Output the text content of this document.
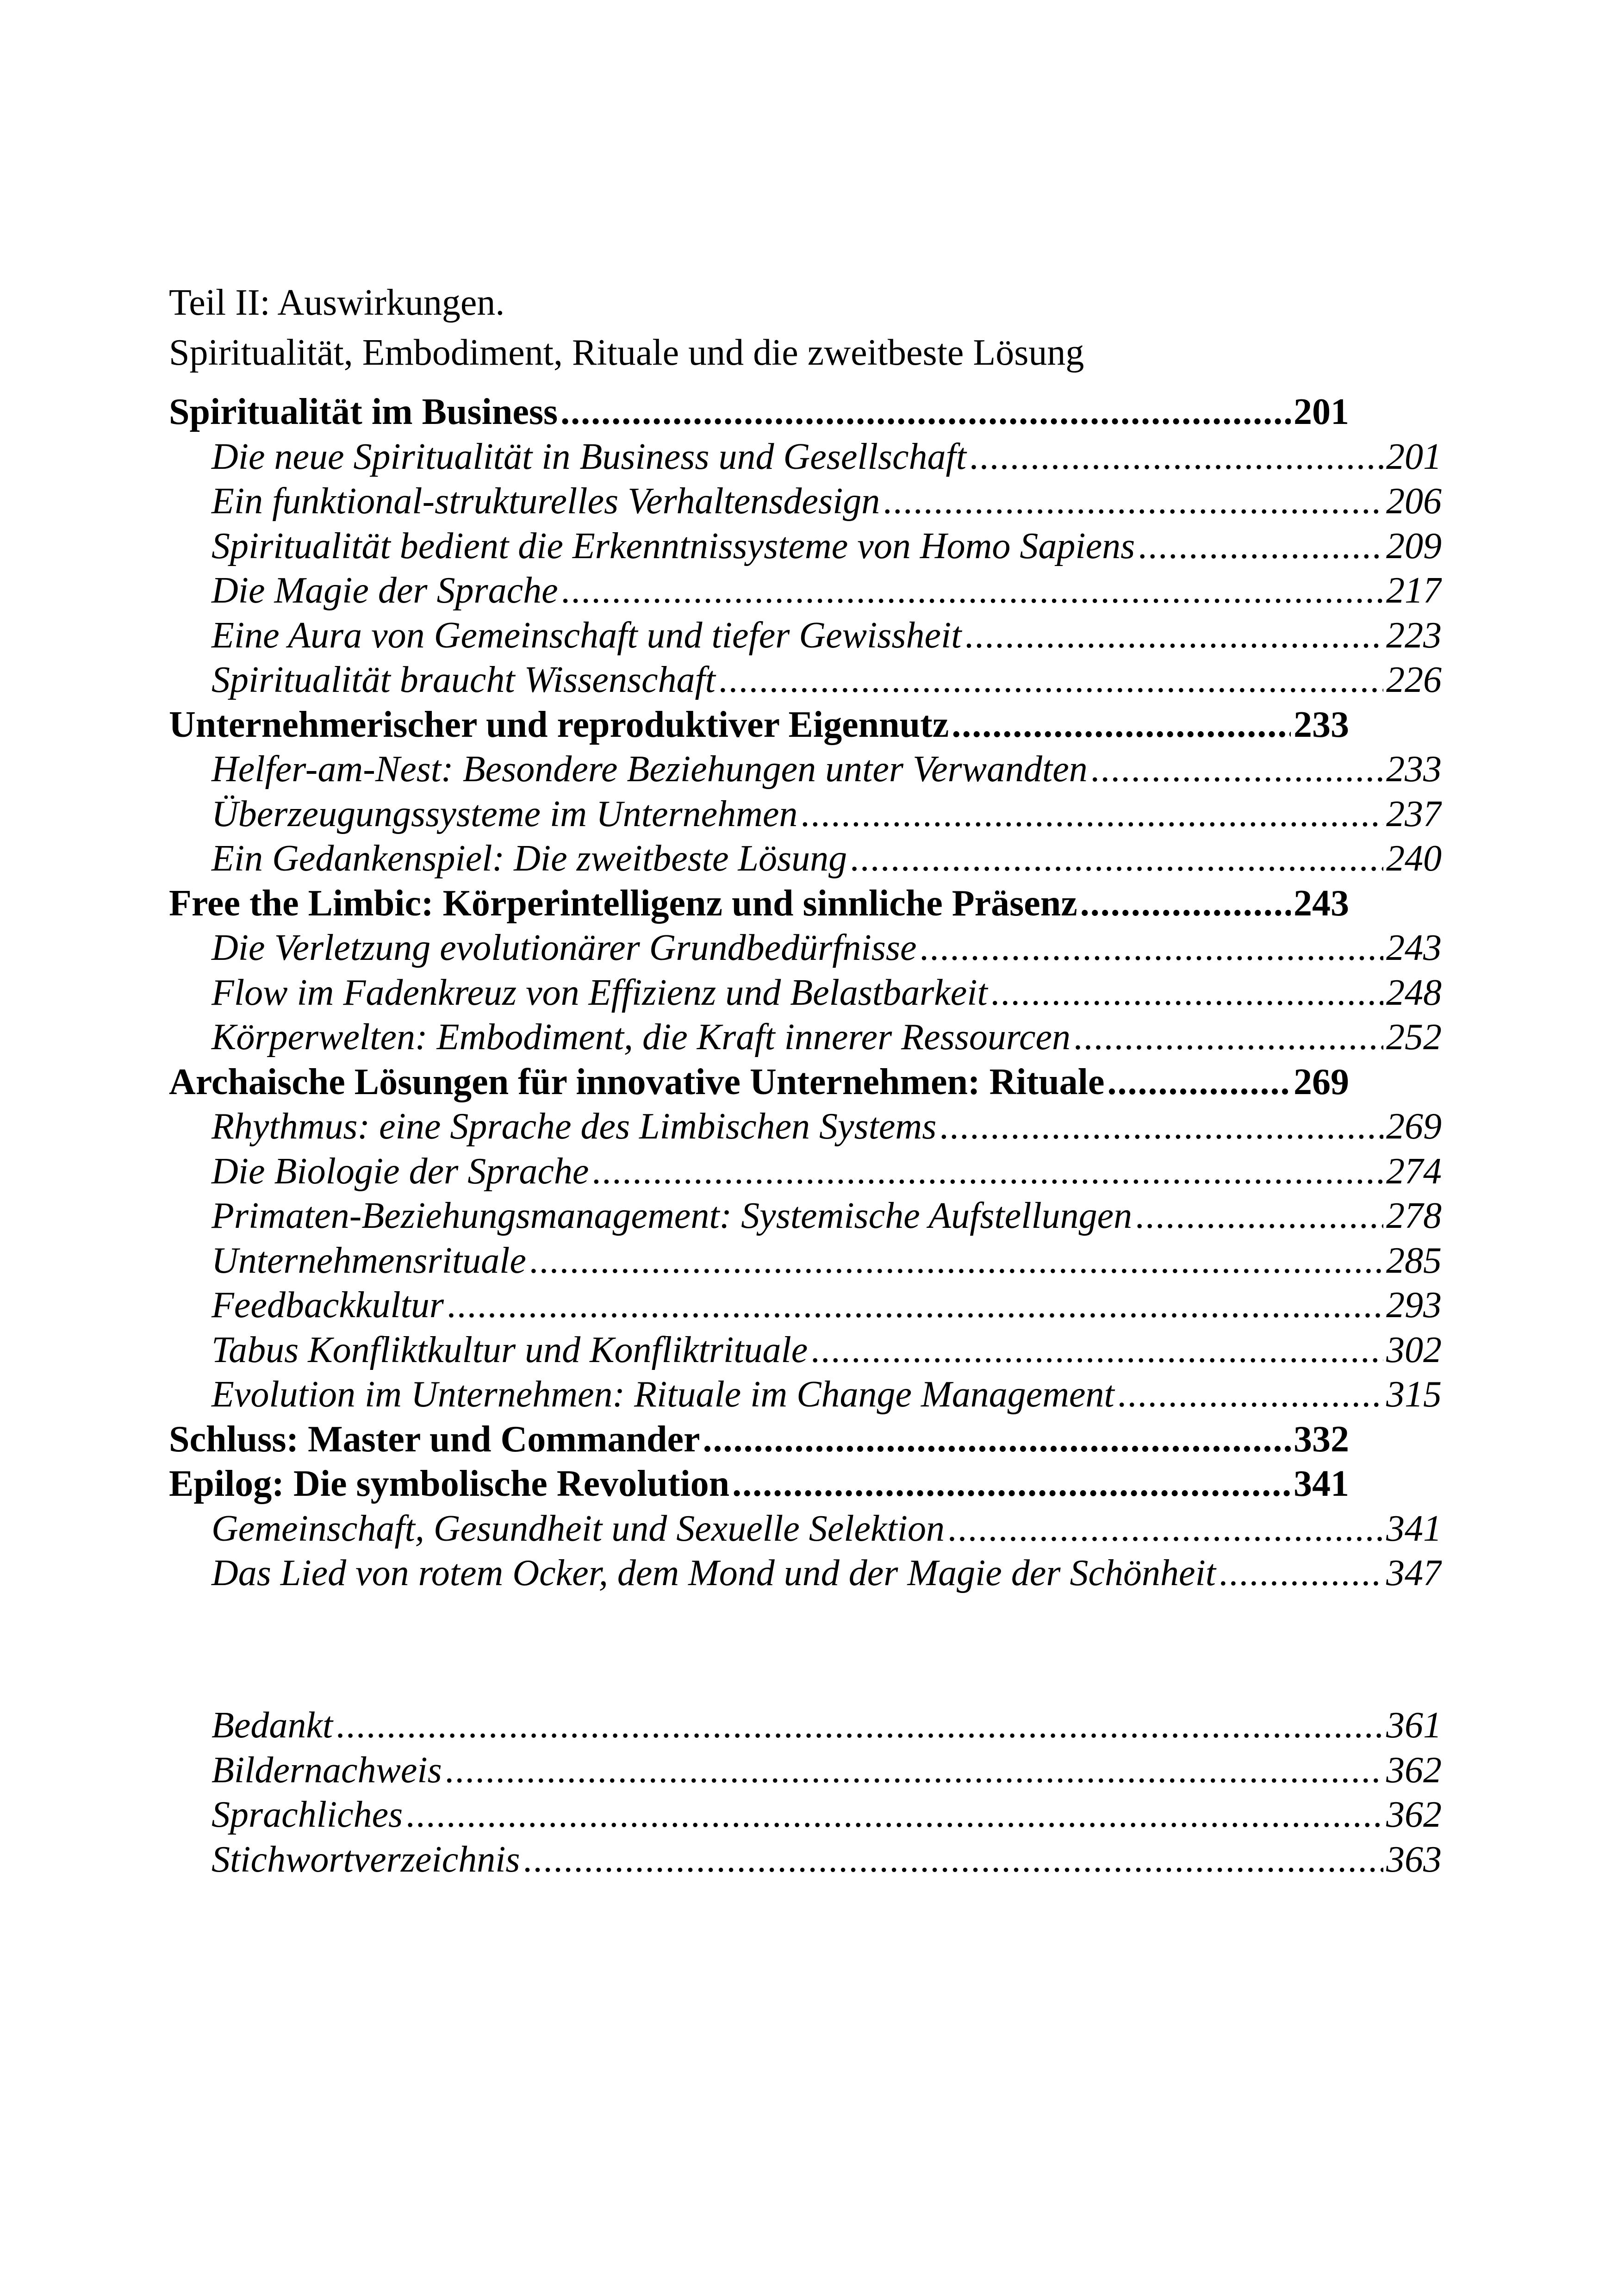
Teil II: Auswirkungen.
Spiritualität, Embodiment, Rituale und die zweitbeste Lösung
Spiritualität im Business .....	201
Die neue Spiritualität in Business und Gesellschaft .....	201
Ein funktional-strukturelles Verhaltensdesign .....	206
Spiritualität bedient die Erkenntnissysteme von Homo Sapiens .....	209
Die Magie der Sprache .....	217
Eine Aura von Gemeinschaft und tiefer Gewissheit .....	223
Spiritualität braucht Wissenschaft .....	226
Unternehmerischer und reproduktiver Eigennutz .....	233
Helfer-am-Nest: Besondere Beziehungen unter Verwandten .....	233
Überzeugungssysteme im Unternehmen .....	237
Ein Gedankenspiel: Die zweitbeste Lösung .....	240
Free the Limbic: Körperintelligenz und sinnliche Präsenz .....	243
Die Verletzung evolutionärer Grundbedürfnisse .....	243
Flow im Fadenkreuz von Effizienz und Belastbarkeit .....	248
Körperwelten: Embodiment, die Kraft innerer Ressourcen .....	252
Archaische Lösungen für innovative Unternehmen: Rituale .....	269
Rhythmus: eine Sprache des Limbischen Systems .....	269
Die Biologie der Sprache .....	274
Primaten-Beziehungsmanagement: Systemische Aufstellungen .....	278
Unternehmensrituale .....	285
Feedbackkultur .....	293
Tabus Konfliktkultur und Konfliktrituale .....	302
Evolution im Unternehmen: Rituale im Change Management .....	315
Schluss: Master und Commander .....	332
Epilog: Die symbolische Revolution .....	341
Gemeinschaft, Gesundheit und Sexuelle Selektion .....	341
Das Lied von rotem Ocker, dem Mond und der Magie der Schönheit .....	347
Bedankt .....	361
Bildernachweis .....	362
Sprachliches .....	362
Stichwortverzeichnis .....	363
